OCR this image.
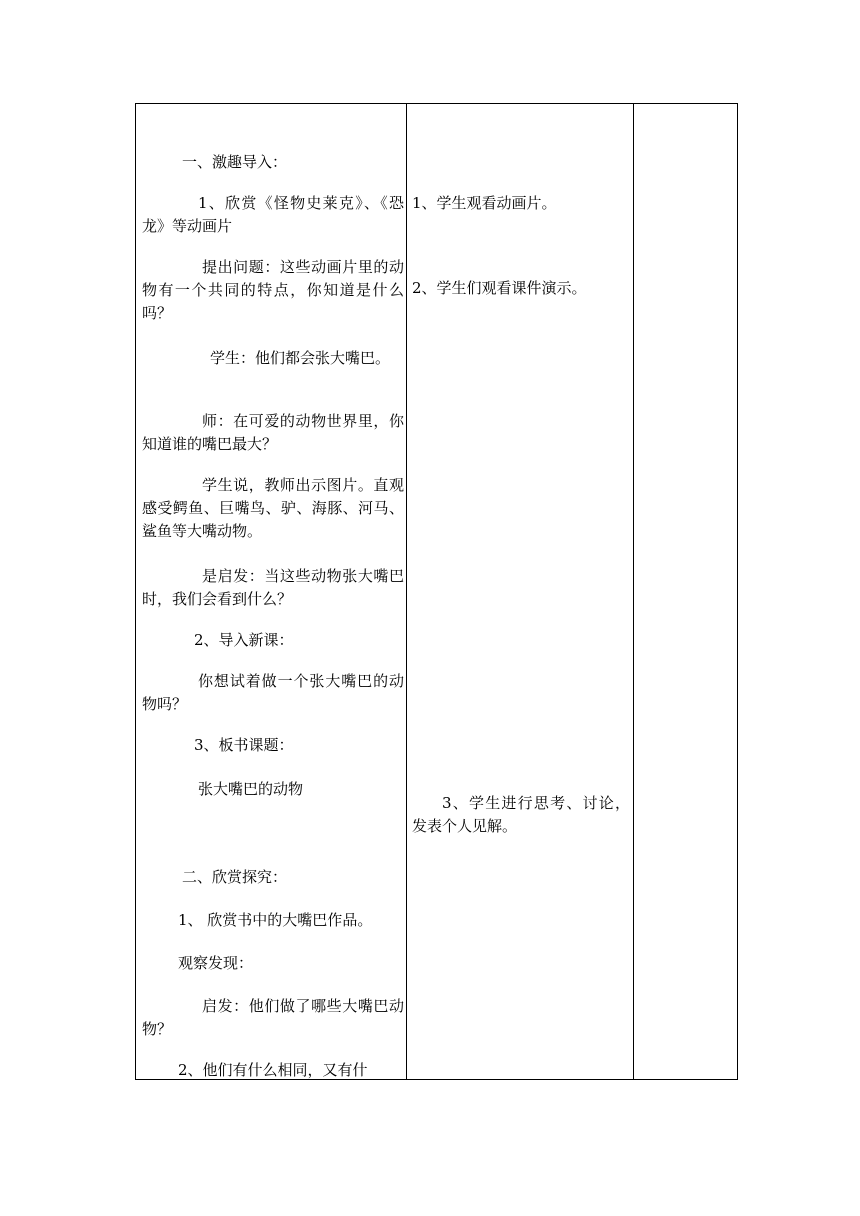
一、激趣导入：

1、欣赏《怪物史莱克》、《恐龙》等动画片

提出问题：这些动画片里的动物有一个共同的特点，你知道是什么吗？

学生：他们都会张大嘴巴。

师：在可爱的动物世界里，你知道谁的嘴巴最大？

学生说，教师出示图片。直观感受鳄鱼、巨嘴鸟、驴、海豚、河马、鲨鱼等大嘴动物。

是启发：当这些动物张大嘴巴时，我们会看到什么？

2、导入新课：

你想试着做一个张大嘴巴的动物吗？

3、板书课题：

张大嘴巴的动物

二、欣赏探究：

1、 欣赏书中的大嘴巴作品。

观察发现：

启发：他们做了哪些大嘴巴动物？

2、他们有什么相同，又有什

1、学生观看动画片。

2、学生们观看课件演示。

3、学生进行思考、讨论，发表个人见解。
